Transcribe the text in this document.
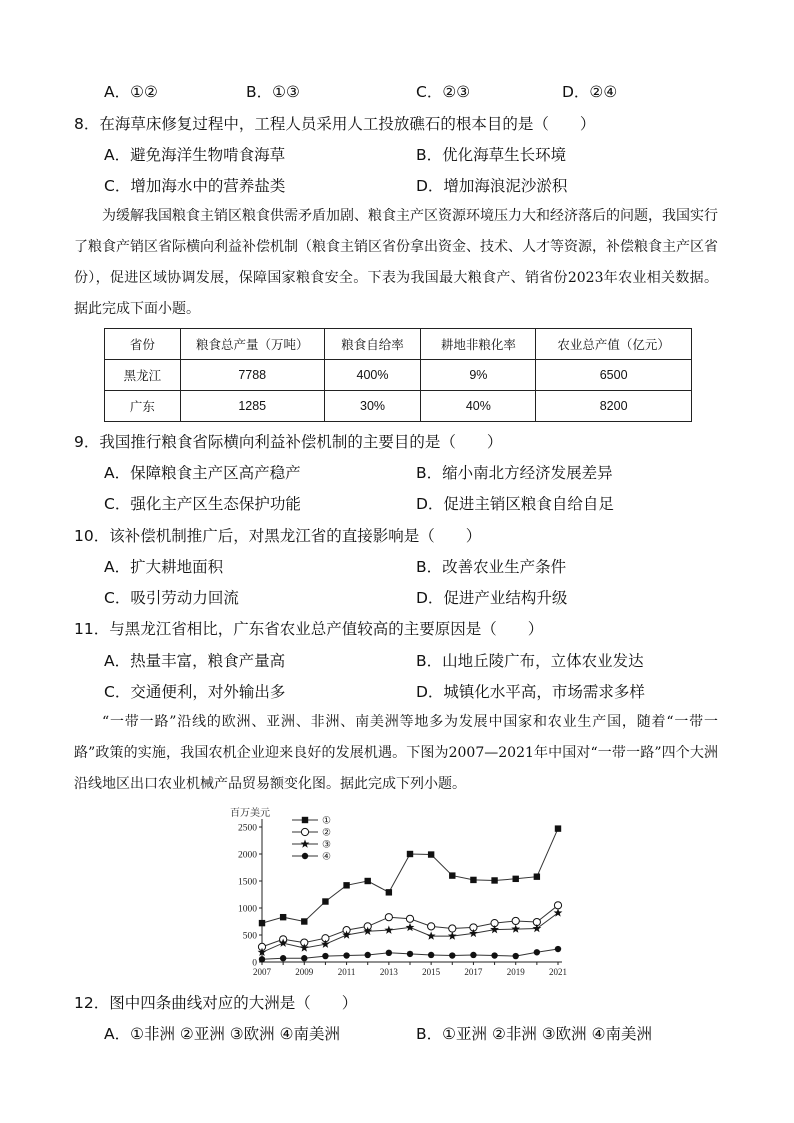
A．①②	B．①③	C．②③	D．②④
8．在海草床修复过程中，工程人员采用人工投放礁石的根本目的是（　　）
A．避免海洋生物啃食海草	B．优化海草生长环境
C．增加海水中的营养盐类	D．增加海浪泥沙淤积
为缓解我国粮食主销区粮食供需矛盾加剧、粮食主产区资源环境压力大和经济落后的问题，我国实行了粮食产销区省际横向利益补偿机制（粮食主销区省份拿出资金、技术、人才等资源，补偿粮食主产区省份），促进区域协调发展，保障国家粮食安全。下表为我国最大粮食产、销省份2023年农业相关数据。据此完成下面小题。
省份	粮食总产量（万吨）	粮食自给率	耕地非粮化率	农业总产值（亿元）
黑龙江	7788	400%	9%	6500
广东	1285	30%	40%	8200
9．我国推行粮食省际横向利益补偿机制的主要目的是（　　）
A．保障粮食主产区高产稳产	B．缩小南北方经济发展差异
C．强化主产区生态保护功能	D．促进主销区粮食自给自足
10．该补偿机制推广后，对黑龙江省的直接影响是（　　）
A．扩大耕地面积	B．改善农业生产条件
C．吸引劳动力回流	D．促进产业结构升级
11．与黑龙江省相比，广东省农业总产值较高的主要原因是（　　）
A．热量丰富，粮食产量高	B．山地丘陵广布，立体农业发达
C．交通便利，对外输出多	D．城镇化水平高，市场需求多样
“一带一路”沿线的欧洲、亚洲、非洲、南美洲等地多为发展中国家和农业生产国，随着“一带一路”政策的实施，我国农机企业迎来良好的发展机遇。下图为2007—2021年中国对“一带一路”四个大洲沿线地区出口农业机械产品贸易额变化图。据此完成下列小题。
百万美元
0
500
1000
1500
2000
2500
2007	2009	2011	2013	2015	2017	2019	2021
①
②
③
④
12．图中四条曲线对应的大洲是（　　）
A．①非洲 ②亚洲 ③欧洲 ④南美洲	B．①亚洲 ②非洲 ③欧洲 ④南美洲
